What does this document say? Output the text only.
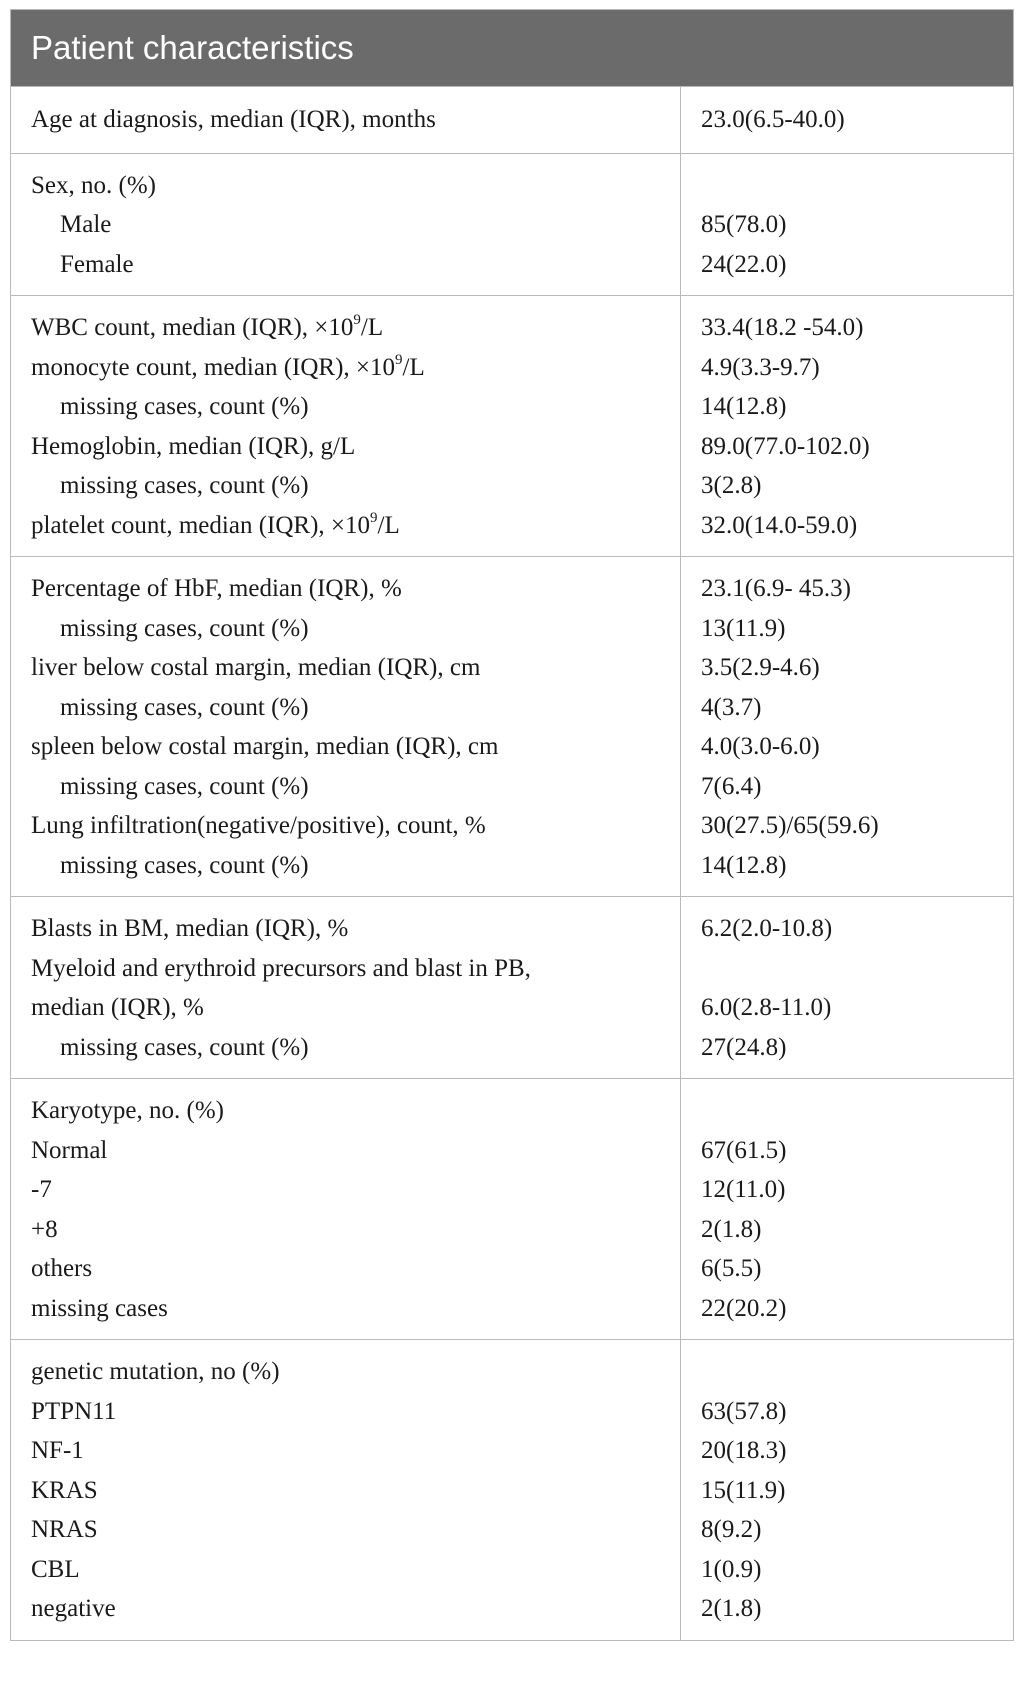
Patient characteristics
Age at diagnosis, median (IQR), months	23.0(6.5-40.0)
Sex, no. (%)
Male
Female
85(78.0)
24(22.0)
WBC count, median (IQR), $\times 10^9/L$
monocyte count, median (IQR), $\times 10^9/L$
missing cases, count (%)
Hemoglobin, median (IQR), g/L
missing cases, count (%)
platelet count, median (IQR), $\times 10^9/L$
33.4(18.2 -54.0)
4.9(3.3-9.7)
14(12.8)
89.0(77.0-102.0)
3(2.8)
32.0(14.0-59.0)
Percentage of HbF, median (IQR), %
missing cases, count (%)
liver below costal margin, median (IQR), cm
missing cases, count (%)
spleen below costal margin, median (IQR), cm
missing cases, count (%)
Lung infiltration(negative/positive), count, %
missing cases, count (%)
23.1(6.9- 45.3)
13(11.9)
3.5(2.9-4.6)
4(3.7)
4.0(3.0-6.0)
7(6.4)
30(27.5)/65(59.6)
14(12.8)
Blasts in BM, median (IQR), %
Myeloid and erythroid precursors and blast in PB,
median (IQR), %
missing cases, count (%)
6.2(2.0-10.8)
6.0(2.8-11.0)
27(24.8)
Karyotype, no. (%)
Normal
-7
+8
others
missing cases
67(61.5)
12(11.0)
2(1.8)
6(5.5)
22(20.2)
genetic mutation, no (%)
PTPN11
NF-1
KRAS
NRAS
CBL
negative
63(57.8)
20(18.3)
15(11.9)
8(9.2)
1(0.9)
2(1.8)
